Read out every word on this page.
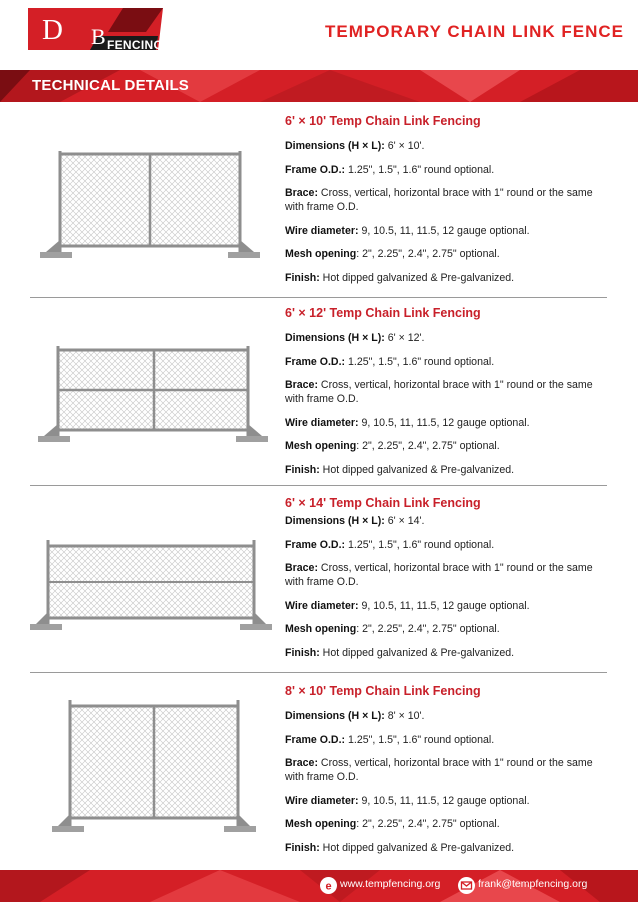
D B FENCING
TEMPORARY CHAIN LINK FENCE
TECHNICAL DETAILS
6' × 10' Temp Chain Link Fencing
Dimensions (H × L): 6' × 10'.
Frame O.D.: 1.25", 1.5", 1.6" round optional.
Brace: Cross, vertical, horizontal brace with 1" round or the same with frame O.D.
Wire diameter: 9, 10.5, 11, 11.5, 12 gauge optional.
Mesh opening: 2", 2.25", 2.4", 2.75" optional.
Finish: Hot dipped galvanized & Pre-galvanized.
6' × 12' Temp Chain Link Fencing
Dimensions (H × L): 6' × 12'.
Frame O.D.: 1.25", 1.5", 1.6" round optional.
Brace: Cross, vertical, horizontal brace with 1" round or the same with frame O.D.
Wire diameter: 9, 10.5, 11, 11.5, 12 gauge optional.
Mesh opening: 2", 2.25", 2.4", 2.75" optional.
Finish: Hot dipped galvanized & Pre-galvanized.
6' × 14' Temp Chain Link Fencing
Dimensions (H × L): 6' × 14'.
Frame O.D.: 1.25", 1.5", 1.6" round optional.
Brace: Cross, vertical, horizontal brace with 1" round or the same with frame O.D.
Wire diameter: 9, 10.5, 11, 11.5, 12 gauge optional.
Mesh opening: 2", 2.25", 2.4", 2.75" optional.
Finish: Hot dipped galvanized & Pre-galvanized.
8' × 10' Temp Chain Link Fencing
Dimensions (H × L): 8' × 10'.
Frame O.D.: 1.25", 1.5", 1.6" round optional.
Brace: Cross, vertical, horizontal brace with 1" round or the same with frame O.D.
Wire diameter: 9, 10.5, 11, 11.5, 12 gauge optional.
Mesh opening: 2", 2.25", 2.4", 2.75" optional.
Finish: Hot dipped galvanized & Pre-galvanized.
e www.tempfencing.org	frank@tempfencing.org
